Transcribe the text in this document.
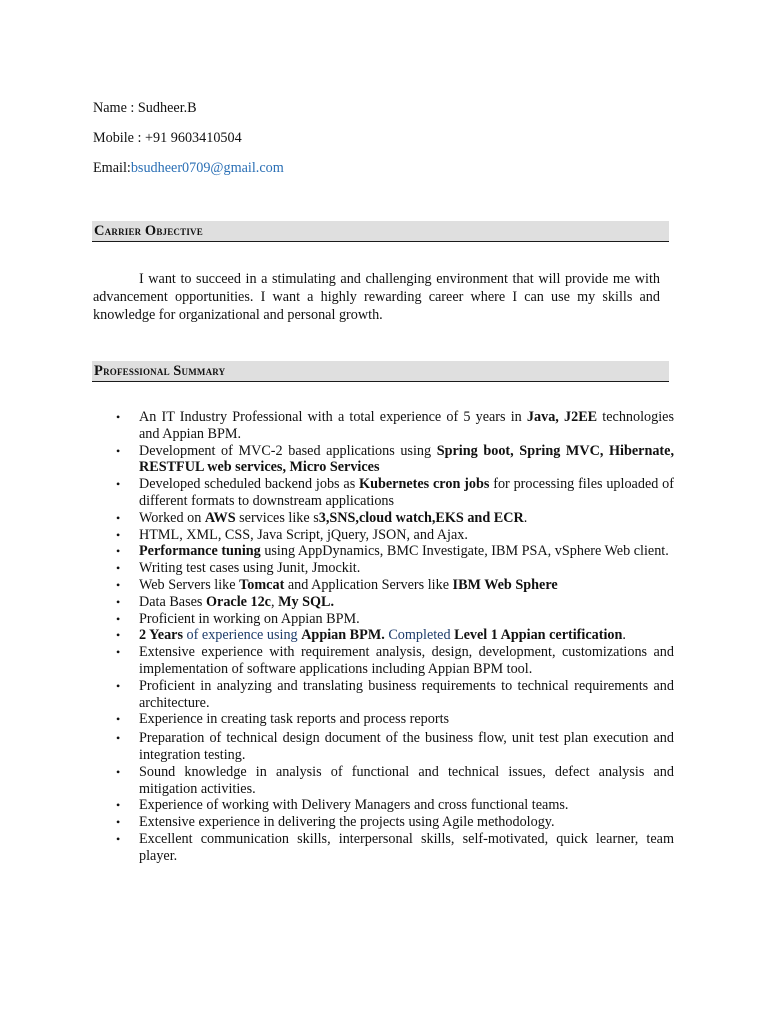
Name : Sudheer.B
Mobile : +91 9603410504
Email:bsudheer0709@gmail.com
Carrier Objective

I want to succeed in a stimulating and challenging environment that will provide me with advancement opportunities. I want a highly rewarding career where I can use my skills and knowledge for organizational and personal growth.

Professional Summary
• An IT Industry Professional with a total experience of 5 years in Java, J2EE technologies and Appian BPM.
• Development of MVC-2 based applications using Spring boot, Spring MVC, Hibernate, RESTFUL web services, Micro Services
• Developed scheduled backend jobs as Kubernetes cron jobs for processing files uploaded of different formats to downstream applications
• Worked on AWS services like s3,SNS,cloud watch,EKS and ECR.
• HTML, XML, CSS, Java Script, jQuery, JSON, and Ajax.
• Performance tuning using AppDynamics, BMC Investigate, IBM PSA, vSphere Web client.
• Writing test cases using Junit, Jmockit.
• Web Servers like Tomcat and Application Servers like IBM Web Sphere
• Data Bases Oracle 12c, My SQL.
• Proficient in working on Appian BPM.
• 2 Years of experience using Appian BPM. Completed Level 1 Appian certification.
• Extensive experience with requirement analysis, design, development, customizations and implementation of software applications including Appian BPM tool.
• Proficient in analyzing and translating business requirements to technical requirements and architecture.
• Experience in creating task reports and process reports
• Preparation of technical design document of the business flow, unit test plan execution and integration testing.
• Sound knowledge in analysis of functional and technical issues, defect analysis and mitigation activities.
• Experience of working with Delivery Managers and cross functional teams.
• Extensive experience in delivering the projects using Agile methodology.
• Excellent communication skills, interpersonal skills, self-motivated, quick learner, team player.
